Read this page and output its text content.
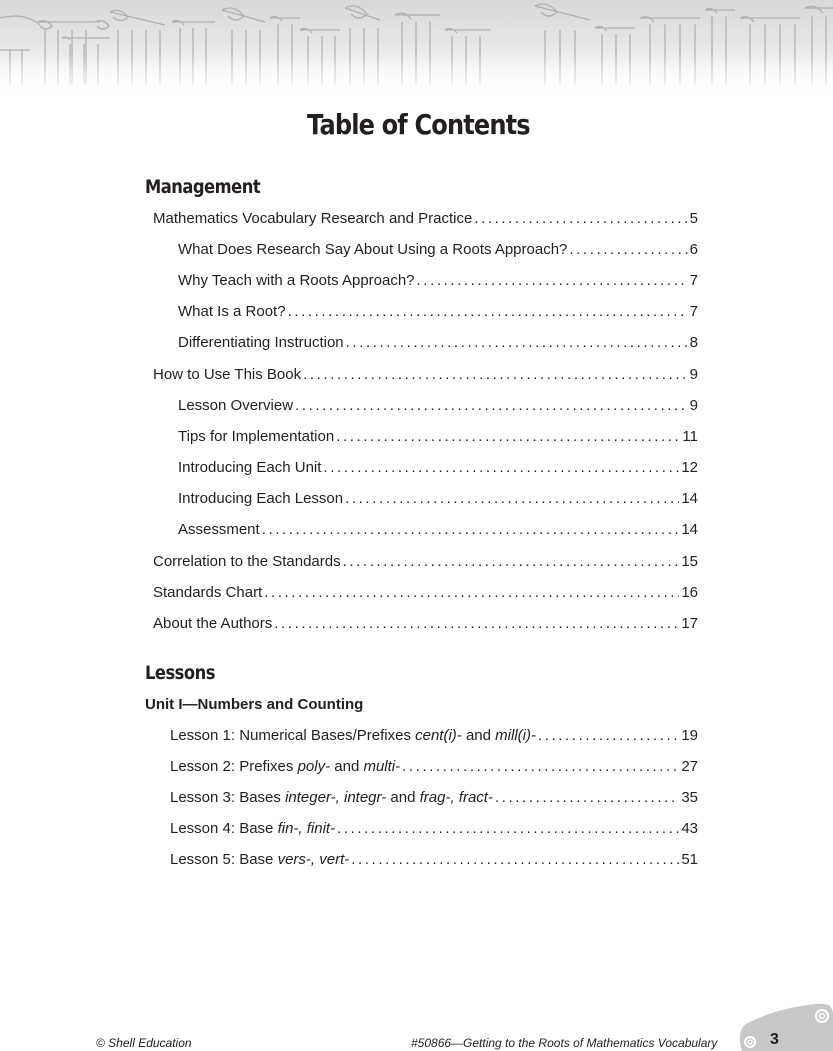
Table of Contents
Management
Mathematics Vocabulary Research and Practice .....	5
What Does Research Say About Using a Roots Approach? .....	6
Why Teach with a Roots Approach? .....	7
What Is a Root? .....	7
Differentiating Instruction .....	8
How to Use This Book .....	9
Lesson Overview .....	9
Tips for Implementation .....	11
Introducing Each Unit .....	12
Introducing Each Lesson .....	14
Assessment .....	14
Correlation to the Standards .....	15
Standards Chart .....	16
About the Authors .....	17
Lessons
Unit I—Numbers and Counting
Lesson 1: Numerical Bases/Prefixes cent(i)- and mill(i)- .....	19
Lesson 2: Prefixes poly- and multi- .....	27
Lesson 3: Bases integer-, integr- and frag-, fract- .....	35
Lesson 4: Base fin-, finit- .....	43
Lesson 5: Base vers-, vert- .....	51
© Shell Education	#50866—Getting to the Roots of Mathematics Vocabulary	3
